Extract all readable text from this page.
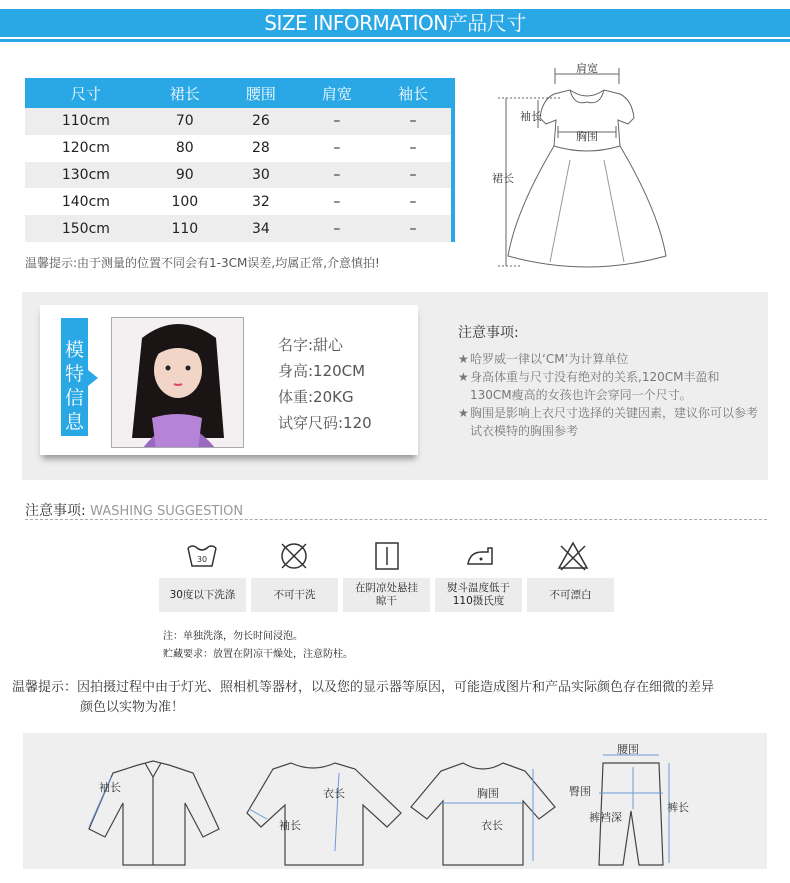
SIZE INFORMATION产品尺寸
尺寸	裙长	腰围	肩宽	袖长
110cm	70	26	–	–
120cm	80	28	–	–
130cm	90	30	–	–
140cm	100	32	–	–
150cm	110	34	–	–
温馨提示:由于测量的位置不同会有1-3CM误差,均属正常,介意慎拍!
肩宽
袖长
胸围
裙长
模
特
信
息
名字:甜心
身高:120CM
体重:20KG
试穿尺码:120
注意事项:
★ 哈罗威一律以‘CM’为计算单位
★ 身高体重与尺寸没有绝对的关系,120CM丰盈和130CM瘦高的女孩也许会穿同一个尺寸。
★ 胸围是影响上衣尺寸选择的关键因素，建议你可以参考试衣模特的胸围参考
注意事项: WASHING SUGGESTION
30
30度以下洗涤	不可干洗
在阴凉处悬挂晾干
熨斗温度低于110摄氏度
不可漂白
注：单独洗涤，勿长时间浸泡。
贮藏要求：放置在阴凉干燥处，注意防柱。
温馨提示：因拍摄过程中由于灯光、照相机等器材，以及您的显示器等原因，可能造成图片和产品实际颜色存在细微的差异
颜色以实物为准！
袖长	衣长
袖长
胸围
衣长
腰围
臀围
裤裆深
裤长
